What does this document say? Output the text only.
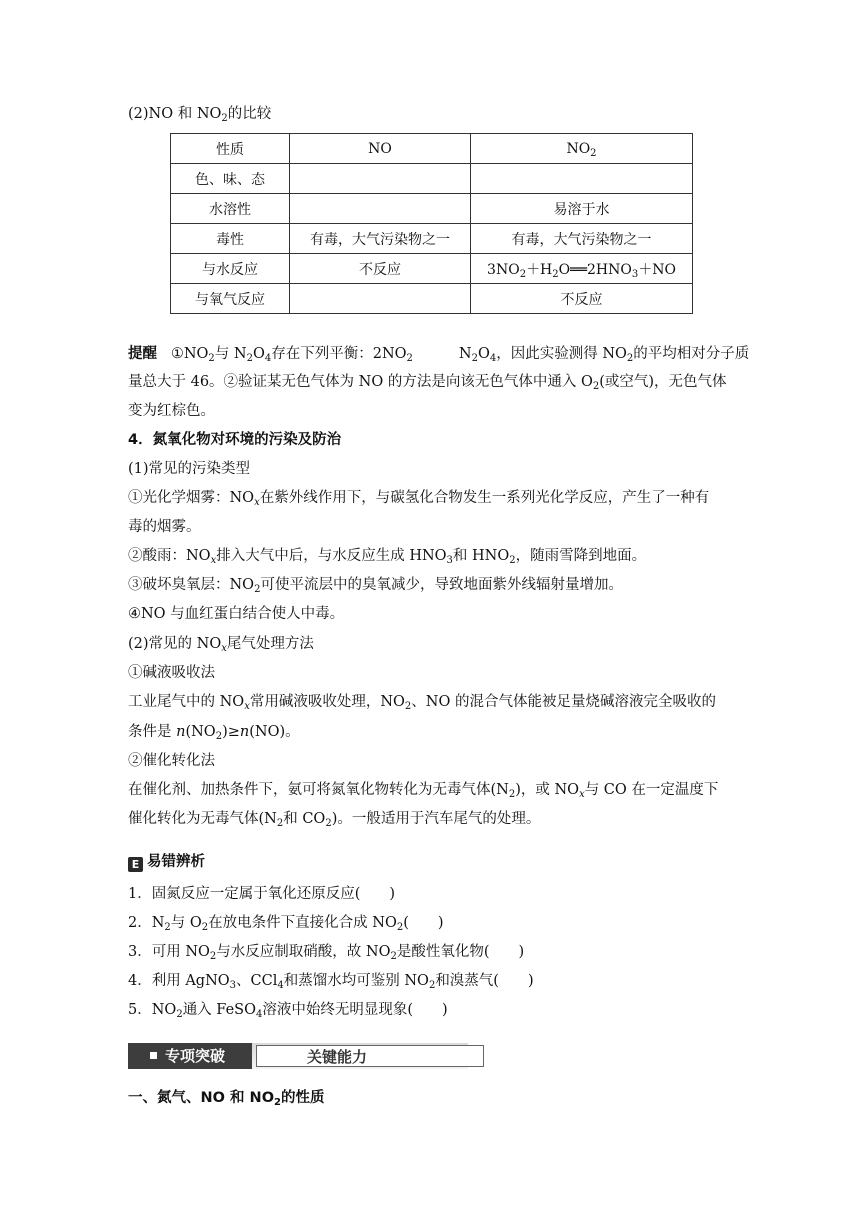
(2)NO 和 $NO_2$的比较
性质	NO	$NO_2$
色、味、态		
水溶性		易溶于水
毒性	有毒，大气污染物之一	有毒，大气污染物之一
与水反应	不反应	$3NO_2+H_2O══2HNO_3+NO$
与氧气反应		不反应
提醒 $①NO_2$与 $N_2O_4$存在下列平衡：$2NO_2$	$N_2O_4$，因此实验测得 $NO_2$的平均相对分子质
量总大于 46。②验证某无色气体为 NO 的方法是向该无色气体中通入 $O_2$(或空气)，无色气体
变为红棕色。
4．氮氧化物对环境的污染及防治
(1)常见的污染类型
①光化学烟雾：$NO_x$在紫外线作用下，与碳氢化合物发生一系列光化学反应，产生了一种有
毒的烟雾。
②酸雨：$NO_x$排入大气中后，与水反应生成 $HNO_3$和 $HNO_2$，随雨雪降到地面。
③破坏臭氧层：$NO_2$可使平流层中的臭氧减少，导致地面紫外线辐射量增加。
④NO 与血红蛋白结合使人中毒。
(2)常见的 $NO_x$尾气处理方法
①碱液吸收法
工业尾气中的 $NO_x$常用碱液吸收处理，$NO_2$、NO 的混合气体能被足量烧碱溶液完全吸收的
条件是 $n(NO_2)\ge n(NO)$。
②催化转化法
在催化剂、加热条件下，氨可将氮氧化物转化为无毒气体$(N_2)$，或 $NO_x$与 CO 在一定温度下
催化转化为无毒气体($N_2$和 $CO_2$)。一般适用于汽车尾气的处理。
E 易错辨析
1．固氮反应一定属于氧化还原反应(　　)
2．$N_2$与 $O_2$在放电条件下直接化合成 $NO_2$(　　)
3．可用 $NO_2$与水反应制取硝酸，故 $NO_2$是酸性氧化物(　　)
4．利用 AgNO$_3$、CCl$_4$和蒸馏水均可鉴别 $NO_2$和溴蒸气(　　)
5．$NO_2$通入 FeSO$_4$溶液中始终无明显现象(　　)
专项突破	关键能力
一、氮气、NO 和 $NO_2$的性质
